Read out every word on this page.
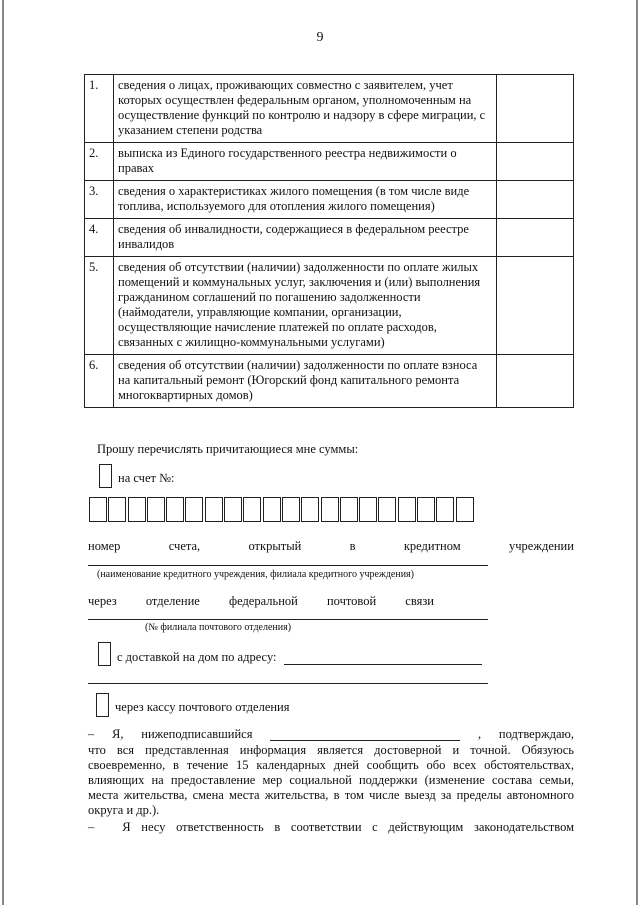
9
1.	сведения о лицах, проживающих совместно с заявителем, учет которых осуществлен федеральным органом, уполномоченным на осуществление функций по контролю и надзору в сфере миграции, с указанием степени родства	
2.	выписка из Единого государственного реестра недвижимости о правах	
3.	сведения о характеристиках жилого помещения (в том числе виде топлива, используемого для отопления жилого помещения)	
4.	сведения об инвалидности, содержащиеся в федеральном реестре инвалидов	
5.	сведения об отсутствии (наличии) задолженности по оплате жилых помещений и коммунальных услуг, заключения и (или) выполнения гражданином соглашений по погашению задолженности (наймодатели, управляющие компании, организации, осуществляющие начисление платежей по оплате расходов, связанных с жилищно-коммунальными услугами)	
6.	сведения об отсутствии (наличии) задолженности по оплате взноса на капитальный ремонт (Югорский фонд капитального ремонта многоквартирных домов)	
Прошу перечислять причитающиеся мне суммы:
на счет №:
номер	счета,	открытый	в	кредитном	учреждении
(наименование кредитного учреждения, филиала кредитного учреждения)
через отделение федеральной почтовой связи
(№ филиала почтового отделения)
с доставкой на дом по адресу:
через кассу почтового отделения
– Я, нижеподписавшийся	, подтверждаю,
что вся представленная информация является достоверной и точной. Обязуюсь
своевременно, в течение 15 календарных дней сообщить обо всех обстоятельствах,
влияющих на предоставление мер социальной поддержки (изменение состава семьи,
места жительства, смена места жительства, в том числе выезд за пределы автономного
округа и др.).
– Я несу ответственность в соответствии с действующим законодательством
